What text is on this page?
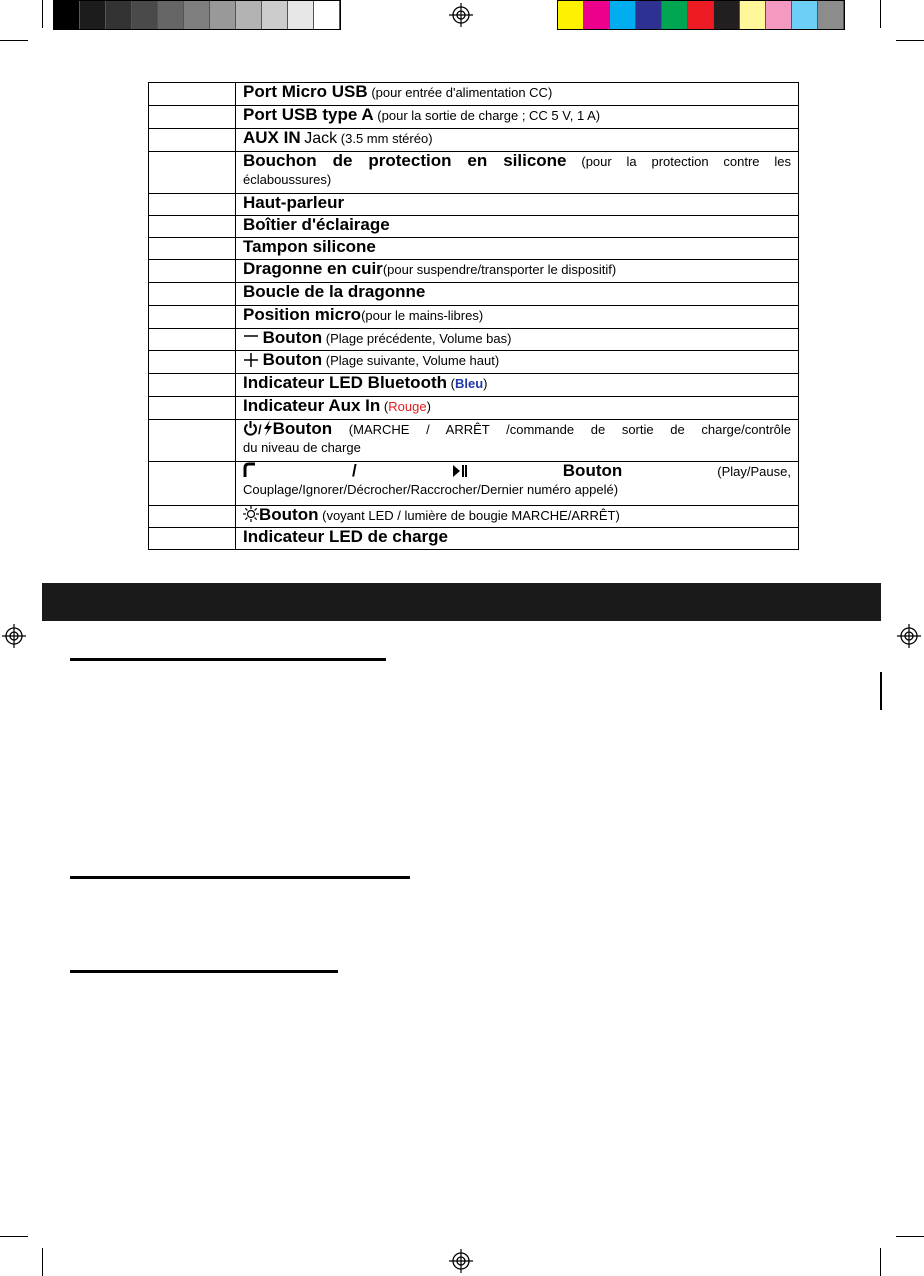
	Port Micro USB (pour entrée d'alimentation CC)
	Port USB type A (pour la sortie de charge ; CC 5 V, 1 A)
	AUX IN Jack (3.5 mm stéréo)

	Bouchon de protection en silicone (pour la protection contre les
éclaboussures)

	Haut-parleur
	Boîtier d'éclairage
	Tampon silicone
	Dragonne en cuir(pour suspendre/transporter le dispositif)
	Boucle de la dragonne
	Position micro(pour le mains-libres)
	Bouton (Plage précédente, Volume bas)
	Bouton (Plage suivante, Volume haut)
	Indicateur LED Bluetooth (Bleu)
	Indicateur Aux In (Rouge)

	/ Bouton (MARCHE / ARRÊT /commande de sortie de charge/contrôle
du niveau de charge

	/ Bouton (Play/Pause,
Couplage/Ignorer/Décrocher/Raccrocher/Dernier numéro appelé)

	Bouton (voyant LED / lumière de bougie MARCHE/ARRÊT)
	Indicateur LED de charge
